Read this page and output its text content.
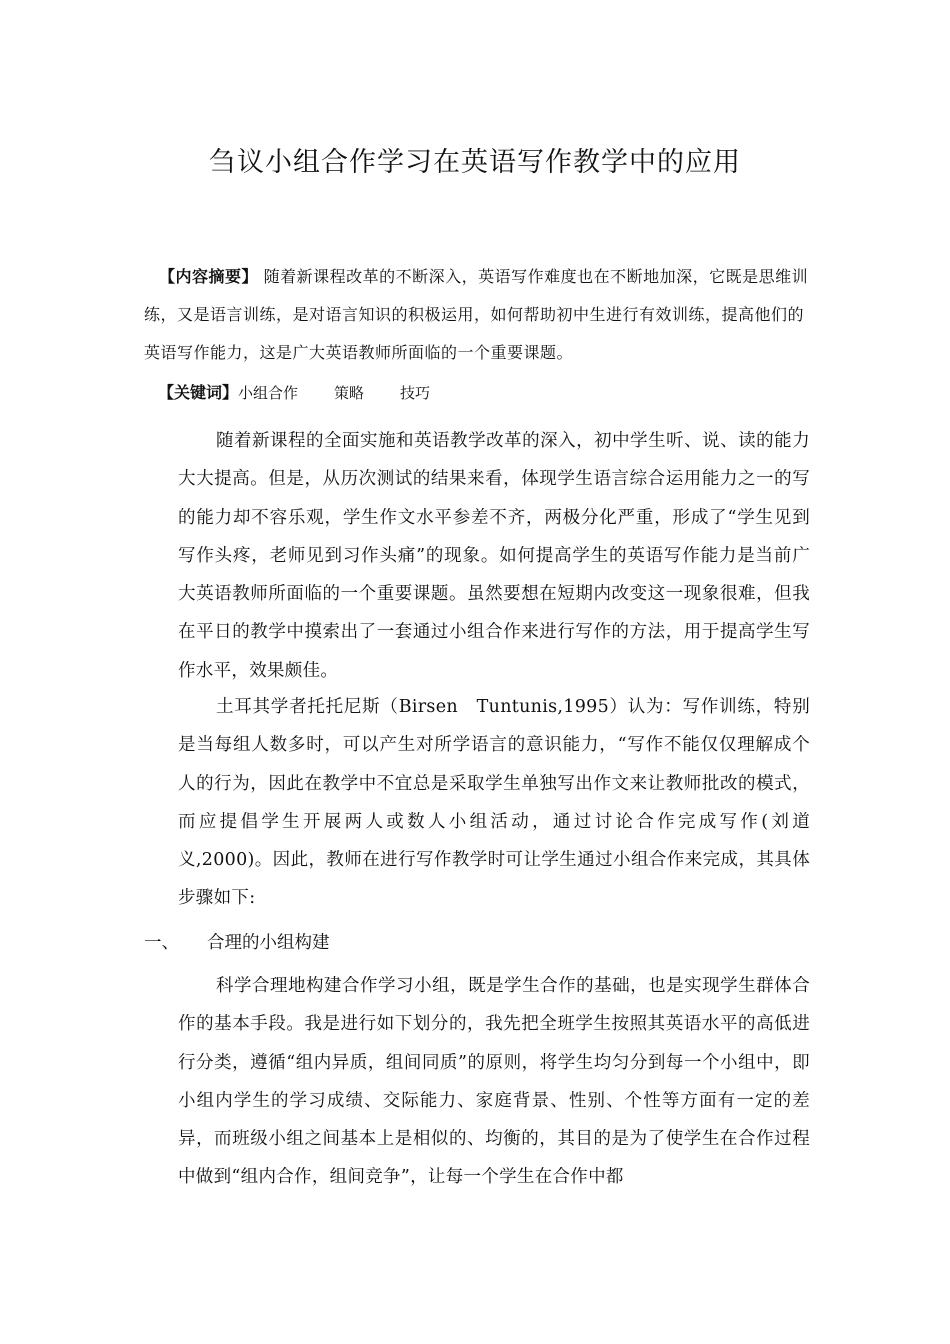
刍议小组合作学习在英语写作教学中的应用
【内容摘要】 随着新课程改革的不断深入，英语写作难度也在不断地加深，它既是思维训练，又是语言训练，是对语言知识的积极运用，如何帮助初中生进行有效训练，提高他们的英语写作能力，这是广大英语教师所面临的一个重要课题。
【关键词】小组合作 策略 技巧
随着新课程的全面实施和英语教学改革的深入，初中学生听、说、读的能力大大提高。但是，从历次测试的结果来看，体现学生语言综合运用能力之一的写的能力却不容乐观，学生作文水平参差不齐，两极分化严重，形成了“学生见到写作头疼，老师见到习作头痛”的现象。如何提高学生的英语写作能力是当前广大英语教师所面临的一个重要课题。虽然要想在短期内改变这一现象很难，但我在平日的教学中摸索出了一套通过小组合作来进行写作的方法，用于提高学生写作水平，效果颇佳。
土耳其学者托托尼斯（Birsen　Tuntunis,1995）认为：写作训练，特别是当每组人数多时，可以产生对所学语言的意识能力，“写作不能仅仅理解成个人的行为，因此在教学中不宜总是采取学生单独写出作文来让教师批改的模式，而应提倡学生开展两人或数人小组活动，通过讨论合作完成写作(刘道义,2000)。因此，教师在进行写作教学时可让学生通过小组合作来完成，其具体步骤如下:
一、 合理的小组构建
科学合理地构建合作学习小组，既是学生合作的基础，也是实现学生群体合作的基本手段。我是进行如下划分的，我先把全班学生按照其英语水平的高低进行分类，遵循“组内异质，组间同质”的原则，将学生均匀分到每一个小组中，即小组内学生的学习成绩、交际能力、家庭背景、性别、个性等方面有一定的差异，而班级小组之间基本上是相似的、均衡的，其目的是为了使学生在合作过程中做到“组内合作，组间竞争”，让每一个学生在合作中都
